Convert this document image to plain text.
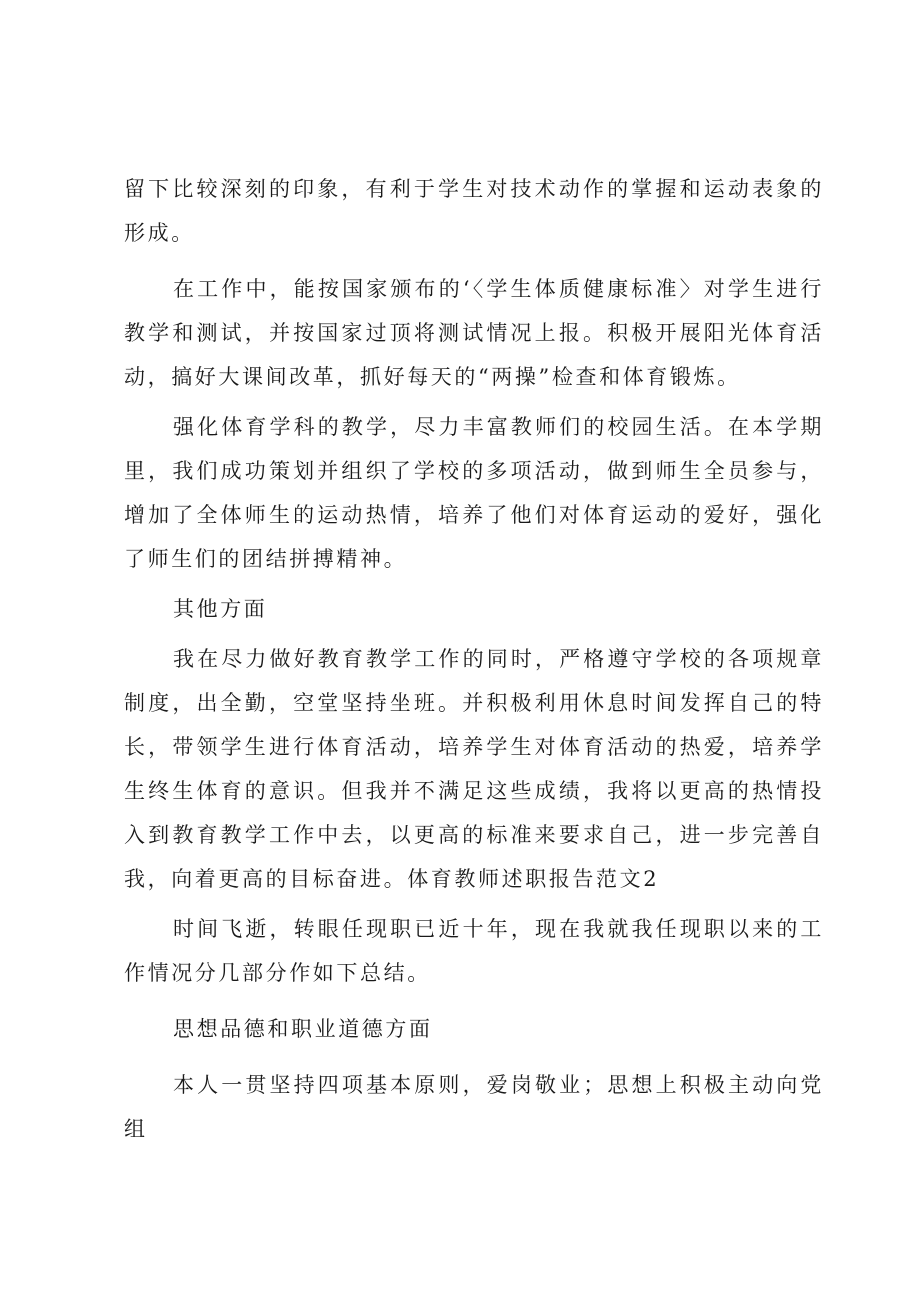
留下比较深刻的印象，有利于学生对技术动作的掌握和运动表象的形成。

在工作中，能按国家颁布的‘〈学生体质健康标准〉对学生进行教学和测试，并按国家过顶将测试情况上报。积极开展阳光体育活动，搞好大课间改革，抓好每天的“两操”检查和体育锻炼。

强化体育学科的教学，尽力丰富教师们的校园生活。在本学期里，我们成功策划并组织了学校的多项活动，做到师生全员参与，增加了全体师生的运动热情，培养了他们对体育运动的爱好，强化了师生们的团结拼搏精神。

其他方面

我在尽力做好教育教学工作的同时，严格遵守学校的各项规章制度，出全勤，空堂坚持坐班。并积极利用休息时间发挥自己的特长，带领学生进行体育活动，培养学生对体育活动的热爱，培养学生终生体育的意识。但我并不满足这些成绩，我将以更高的热情投入到教育教学工作中去，以更高的标准来要求自己，进一步完善自我，向着更高的目标奋进。体育教师述职报告范文2

时间飞逝，转眼任现职已近十年，现在我就我任现职以来的工作情况分几部分作如下总结。

思想品德和职业道德方面

本人一贯坚持四项基本原则，爱岗敬业；思想上积极主动向党组
